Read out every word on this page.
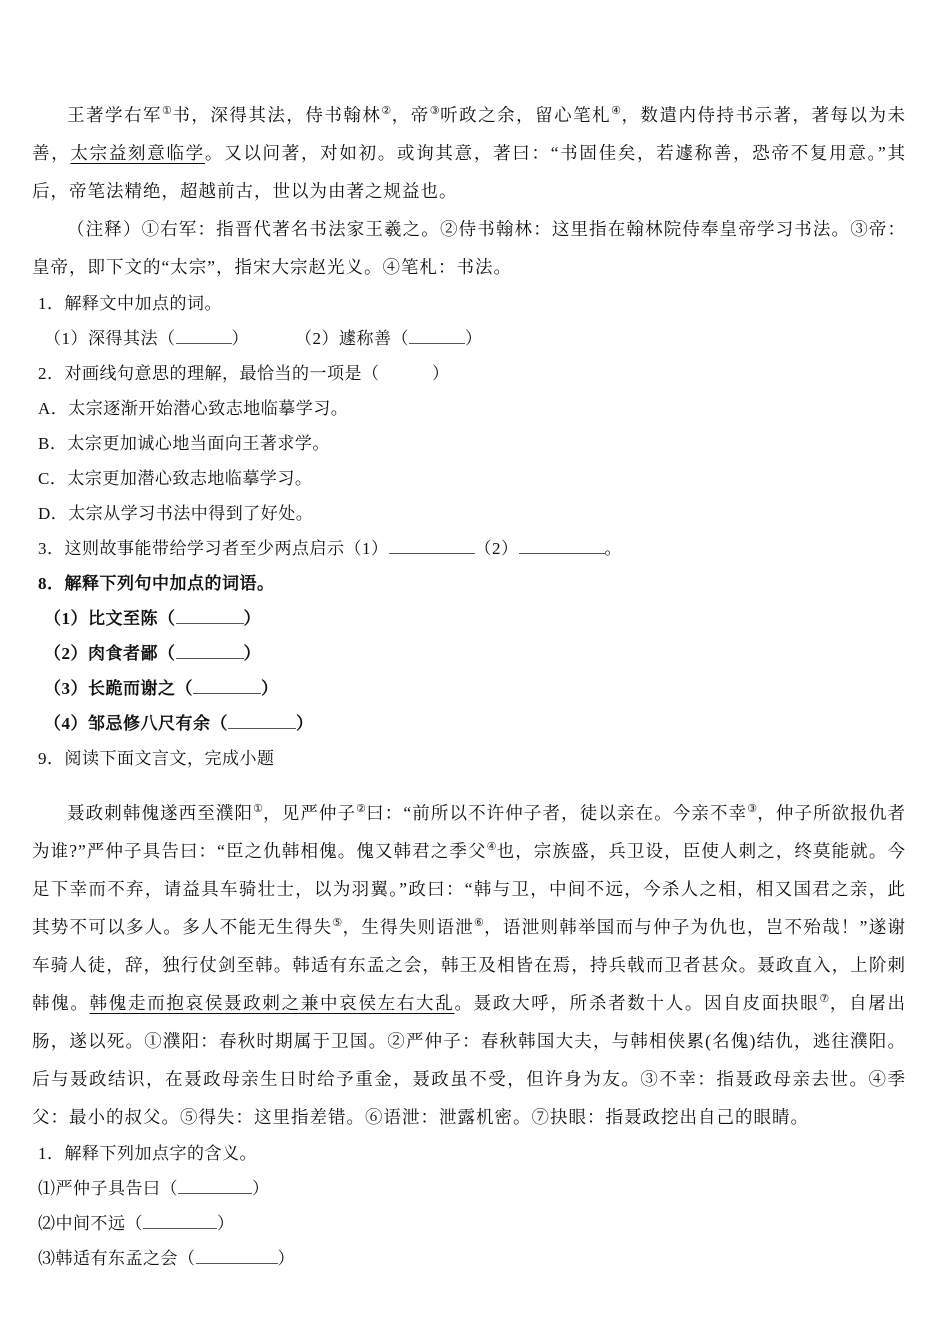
王著学右军①书，深得其法，侍书翰林②，帝③听政之余，留心笔札④，数遣内侍持书示著，著每以为未善，太宗益刻意临学。又以问著，对如初。或询其意，著曰：“书固佳矣，若遽称善，恐帝不复用意。”其后，帝笔法精绝，超越前古，世以为由著之规益也。

（注释）①右军：指晋代著名书法家王羲之。②侍书翰林：这里指在翰林院侍奉皇帝学习书法。③帝：皇帝，即下文的“太宗”，指宋大宗赵光义。④笔札：书法。

1．解释文中加点的词。

（1）深得其法（	）	（2）遽称善（	）

2．对画线句意思的理解，最恰当的一项是（　　　）

A．太宗逐渐开始潜心致志地临摹学习。

B．太宗更加诚心地当面向王著求学。

C．太宗更加潜心致志地临摹学习。

D．太宗从学习书法中得到了好处。

3．这则故事能带给学习者至少两点启示（1）	（2）	。

8．解释下列句中加点的词语。

（1）比文至陈（	）

（2）肉食者鄙（	）

（3）长跪而谢之（	）

（4）邹忌修八尺有余（	）

9．阅读下面文言文，完成小题

聂政刺韩傀遂西至濮阳①，见严仲子②曰：“前所以不许仲子者，徒以亲在。今亲不幸③，仲子所欲报仇者为谁?”严仲子具告曰：“臣之仇韩相傀。傀又韩君之季父④也，宗族盛，兵卫设，臣使人刺之，终莫能就。今足下幸而不弃，请益具车骑壮士，以为羽翼。”政曰：“韩与卫，中间不远，今杀人之相，相又国君之亲，此其势不可以多人。多人不能无生得失⑤，生得失则语泄⑥，语泄则韩举国而与仲子为仇也，岂不殆哉！”遂谢车骑人徒，辞，独行仗剑至韩。韩适有东孟之会，韩王及相皆在焉，持兵戟而卫者甚众。聂政直入，上阶刺韩傀。韩傀走而抱哀侯聂政刺之兼中哀侯左右大乱。聂政大呼，所杀者数十人。因自皮面抉眼⑦，自屠出肠，遂以死。①濮阳：春秋时期属于卫国。②严仲子：春秋韩国大夫，与韩相侠累(名傀)结仇，逃往濮阳。后与聂政结识，在聂政母亲生日时给予重金，聂政虽不受，但许身为友。③不幸：指聂政母亲去世。④季父：最小的叔父。⑤得失：这里指差错。⑥语泄：泄露机密。⑦抉眼：指聂政挖出自己的眼睛。

1．解释下列加点字的含义。

⑴严仲子具告曰（	）

⑵中间不远（	）

⑶韩适有东孟之会（	）
